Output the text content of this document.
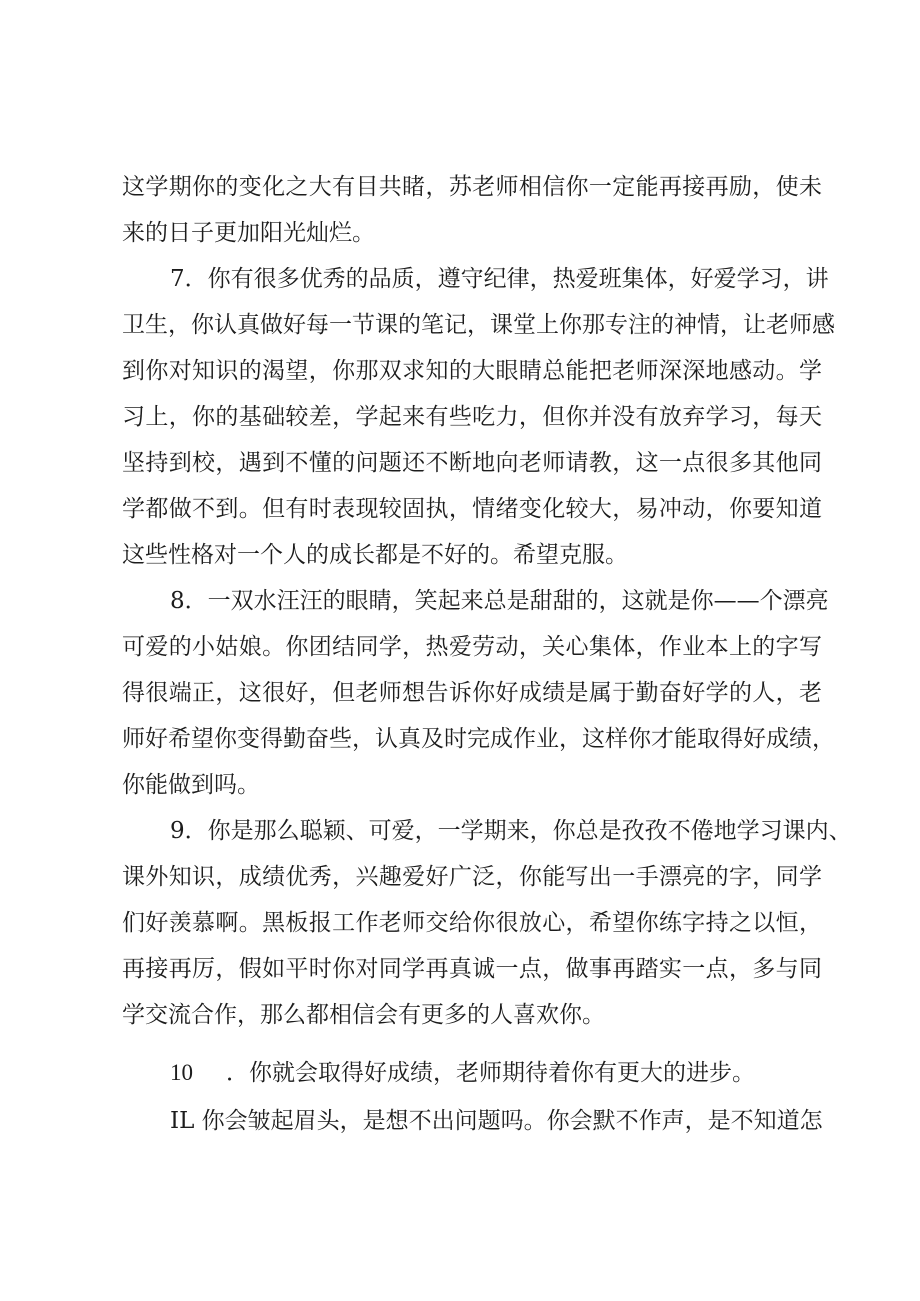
这学期你的变化之大有目共睹，苏老师相信你一定能再接再励，使未
来的日子更加阳光灿烂。
7．你有很多优秀的品质，遵守纪律，热爱班集体，好爱学习，讲
卫生，你认真做好每一节课的笔记，课堂上你那专注的神情，让老师感
到你对知识的渴望，你那双求知的大眼睛总能把老师深深地感动。学
习上，你的基础较差，学起来有些吃力，但你并没有放弃学习，每天
坚持到校，遇到不懂的问题还不断地向老师请教，这一点很多其他同
学都做不到。但有时表现较固执，情绪变化较大，易冲动，你要知道
这些性格对一个人的成长都是不好的。希望克服。
8．一双水汪汪的眼睛，笑起来总是甜甜的，这就是你——个漂亮
可爱的小姑娘。你团结同学，热爱劳动，关心集体，作业本上的字写
得很端正，这很好，但老师想告诉你好成绩是属于勤奋好学的人，老
师好希望你变得勤奋些，认真及时完成作业，这样你才能取得好成绩，
你能做到吗。
9．你是那么聪颖、可爱，一学期来，你总是孜孜不倦地学习课内、
课外知识，成绩优秀，兴趣爱好广泛，你能写出一手漂亮的字，同学
们好羡慕啊。黑板报工作老师交给你很放心，希望你练字持之以恒，
再接再厉，假如平时你对同学再真诚一点，做事再踏实一点，多与同
学交流合作，那么都相信会有更多的人喜欢你。
10 ．你就会取得好成绩，老师期待着你有更大的进步。
IL 你会皱起眉头，是想不出问题吗。你会默不作声，是不知道怎
